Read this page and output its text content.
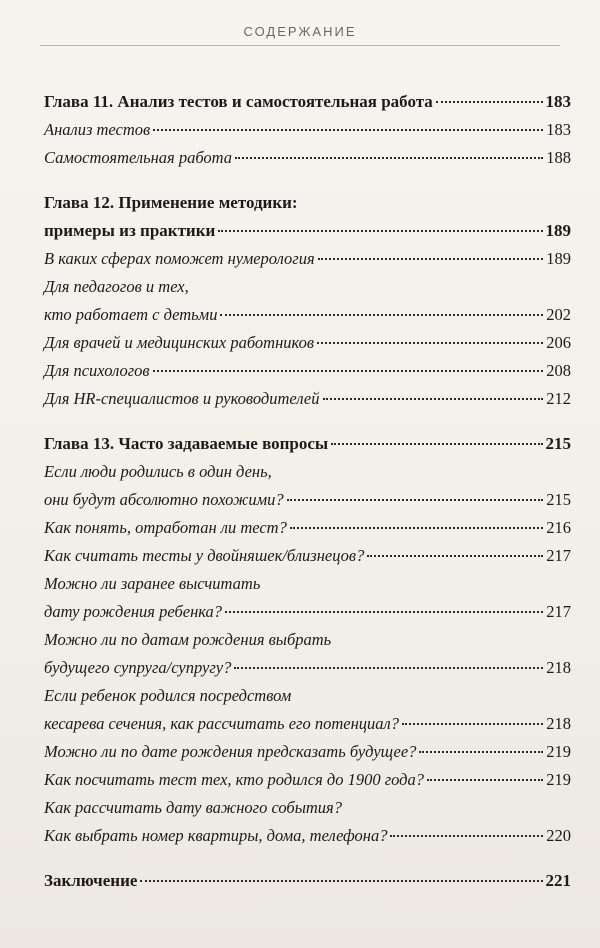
СОДЕРЖАНИЕ
Глава 11. Анализ тестов и самостоятельная работа	183
Анализ тестов	183
Самостоятельная работа	188
Глава 12. Применение методики:
примеры из практики	189
В каких сферах поможет нумерология	189
Для педагогов и тех,
кто работает с детьми	202
Для врачей и медицинских работников	206
Для психологов	208
Для HR-специалистов и руководителей	212
Глава 13. Часто задаваемые вопросы	215
Если люди родились в один день,
они будут абсолютно похожими?	215
Как понять, отработан ли тест?	216
Как считать тесты у двойняшек/близнецов?	217
Можно ли заранее высчитать
дату рождения ребенка?	217
Можно ли по датам рождения выбрать
будущего супруга/супругу?	218
Если ребенок родился посредством
кесарева сечения, как рассчитать его потенциал?	218
Можно ли по дате рождения предсказать будущее?	219
Как посчитать тест тех, кто родился до 1900 года?	219
Как рассчитать дату важного события?
Как выбрать номер квартиры, дома, телефона?	220
Заключение	221
